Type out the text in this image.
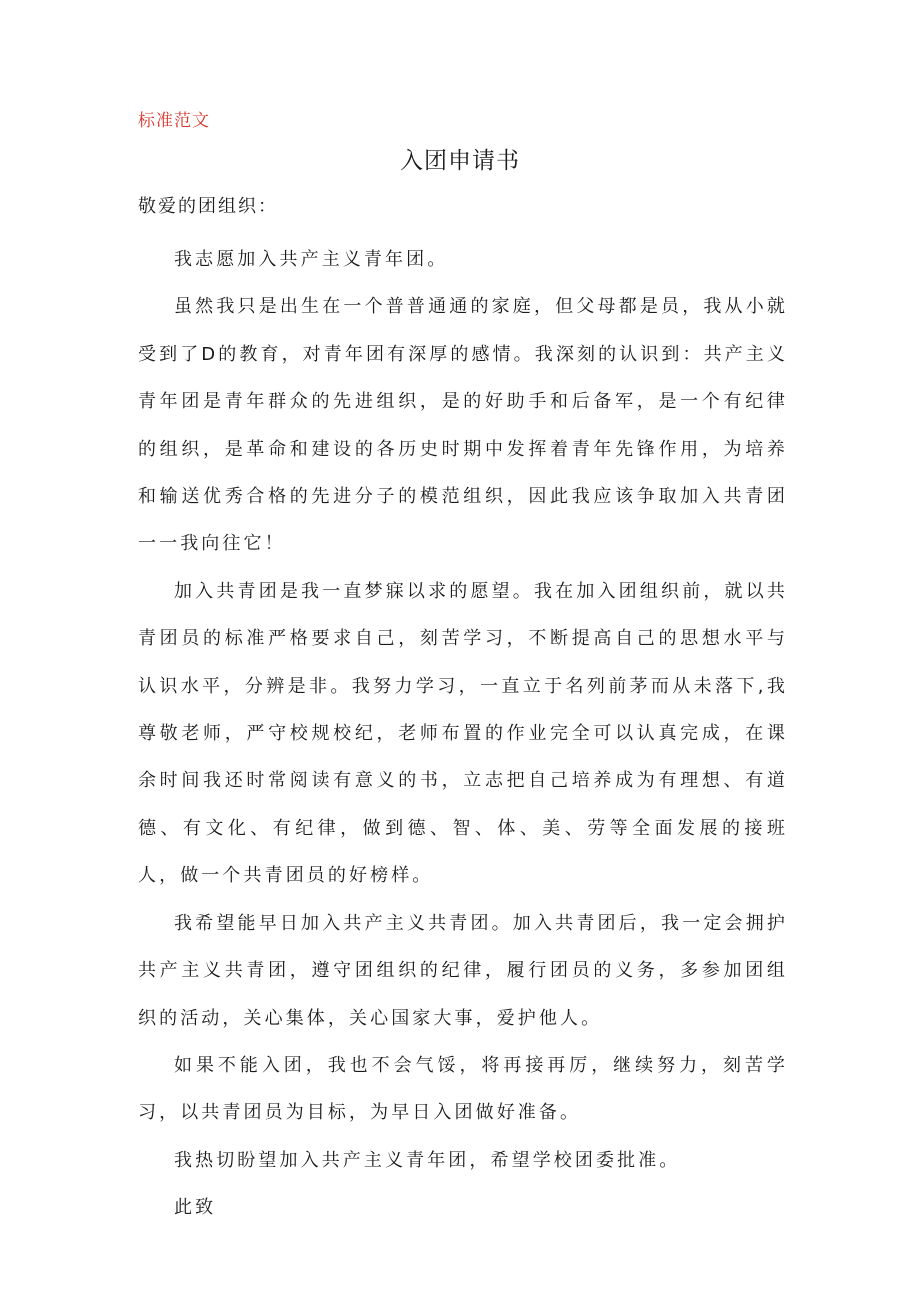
标准范文
入团申请书
敬爱的团组织：

我志愿加入共产主义青年团。

虽然我只是出生在一个普普通通的家庭，但父母都是员，我从小就受到了D的教育，对青年团有深厚的感情。我深刻的认识到：共产主义青年团是青年群众的先进组织，是的好助手和后备军，是一个有纪律的组织，是革命和建设的各历史时期中发挥着青年先锋作用，为培养和输送优秀合格的先进分子的模范组织，因此我应该争取加入共青团一一我向往它！

加入共青团是我一直梦寐以求的愿望。我在加入团组织前，就以共青团员的标准严格要求自己，刻苦学习，不断提高自己的思想水平与认识水平，分辨是非。我努力学习，一直立于名列前茅而从未落下,我尊敬老师，严守校规校纪，老师布置的作业完全可以认真完成，在课余时间我还时常阅读有意义的书，立志把自己培养成为有理想、有道德、有文化、有纪律，做到德、智、体、美、劳等全面发展的接班人，做一个共青团员的好榜样。

我希望能早日加入共产主义共青团。加入共青团后，我一定会拥护共产主义共青团，遵守团组织的纪律，履行团员的义务，多参加团组织的活动，关心集体，关心国家大事，爱护他人。

如果不能入团，我也不会气馁，将再接再厉，继续努力，刻苦学习，以共青团员为目标，为早日入团做好准备。

我热切盼望加入共产主义青年团，希望学校团委批准。

此致
